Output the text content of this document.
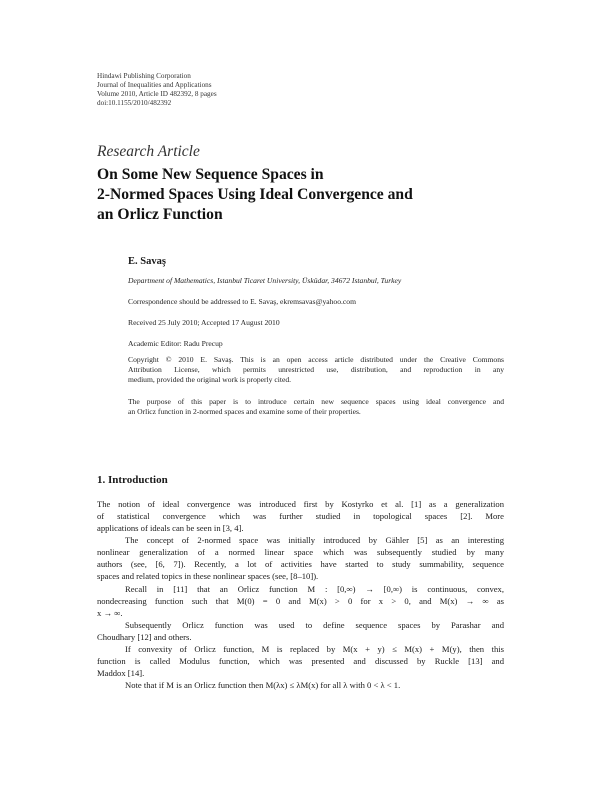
Hindawi Publishing Corporation
Journal of Inequalities and Applications
Volume 2010, Article ID 482392, 8 pages
doi:10.1155/2010/482392
Research Article
On Some New Sequence Spaces in
2-Normed Spaces Using Ideal Convergence and
an Orlicz Function
E. Savaş
Department of Mathematics, Istanbul Ticaret University, Üsküdar, 34672 Istanbul, Turkey
Correspondence should be addressed to E. Savaş, ekremsavas@yahoo.com
Received 25 July 2010; Accepted 17 August 2010
Academic Editor: Radu Precup
Copyright © 2010 E. Savaş. This is an open access article distributed under the Creative Commons
Attribution License, which permits unrestricted use, distribution, and reproduction in any
medium, provided the original work is properly cited.
The purpose of this paper is to introduce certain new sequence spaces using ideal convergence and
an Orlicz function in 2-normed spaces and examine some of their properties.
1. Introduction
The notion of ideal convergence was introduced first by Kostyrko et al. [1] as a generalization
of statistical convergence which was further studied in topological spaces [2]. More
applications of ideals can be seen in [3, 4].
The concept of 2-normed space was initially introduced by Gähler [5] as an interesting
nonlinear generalization of a normed linear space which was subsequently studied by many
authors (see, [6, 7]). Recently, a lot of activities have started to study summability, sequence
spaces and related topics in these nonlinear spaces (see, [8–10]).
Recall in [11] that an Orlicz function M : [0,∞) → [0,∞) is continuous, convex,
nondecreasing function such that M(0) = 0 and M(x) > 0 for x > 0, and M(x) → ∞ as
x → ∞.
Subsequently Orlicz function was used to define sequence spaces by Parashar and
Choudhary [12] and others.
If convexity of Orlicz function, M is replaced by M(x + y) ≤ M(x) + M(y), then this
function is called Modulus function, which was presented and discussed by Ruckle [13] and
Maddox [14].
Note that if M is an Orlicz function then M(λx) ≤ λM(x) for all λ with 0 < λ < 1.
